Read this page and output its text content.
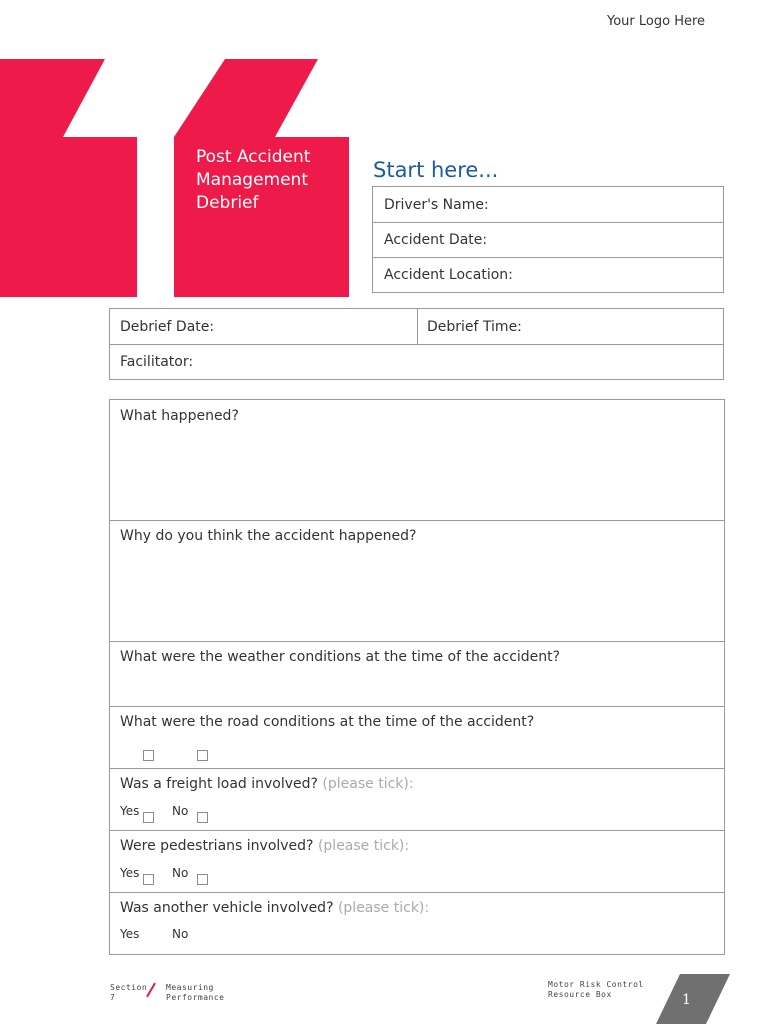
Your Logo Here
Post Accident
Management
Debrief
Start here...
Driver's Name:
Accident Date:
Accident Location:
Debrief Date:	Debrief Time:
Facilitator:
What happened?
Why do you think the accident happened?
What were the weather conditions at the time of the accident?
What were the road conditions at the time of the accident?
Was a freight load involved? (please tick):
Yes	No
Were pedestrians involved? (please tick):
Yes	No
Was another vehicle involved? (please tick):
Yes	No
Section
7
Measuring
Performance
Motor Risk Control
Resource Box	1
